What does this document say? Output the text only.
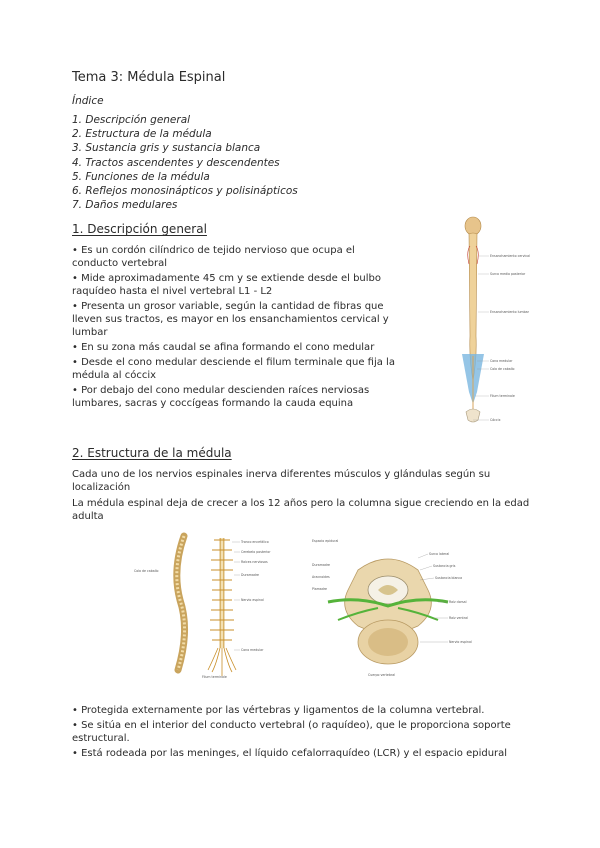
Tema 3: Médula Espinal
Índice
1. Descripción general
2. Estructura de la médula
3. Sustancia gris y sustancia blanca
4. Tractos ascendentes y descendentes
5. Funciones de la médula
6. Reflejos monosinápticos y polisinápticos
7. Daños medulares
1. Descripción general
• Es un cordón cilíndrico de tejido nervioso que ocupa el conducto vertebral
• Mide aproximadamente 45 cm y se extiende desde el bulbo raquídeo hasta el nivel vertebral L1 - L2
• Presenta un grosor variable, según la cantidad de fibras que lleven sus tractos, es mayor en los ensanchamientos cervical y lumbar
• En su zona más caudal se afina formando el cono medular
• Desde el cono medular desciende el filum terminale que fija la médula al cóccix
• Por debajo del cono medular descienden raíces nerviosas lumbares, sacras y coccígeas formando la cauda equina
Ensanchamiento cervical
Surco medio posterior
Ensanchamiento lumbar
Cono medular
Cola de caballo
Filum terminale
Cóccix
2. Estructura de la médula
Cada uno de los nervios espinales inerva diferentes músculos y glándulas según su localización
La médula espinal deja de crecer a los 12 años pero la columna sigue creciendo en la edad adulta
Tronco encefálico
Cerebelo posterior
Raíces nerviosas
Duramadre
Nervio espinal
Cono medular
Cola de caballo
Filum terminale
Surco lateral
Sustancia gris
Sustancia blanca
Raíz dorsal
Raíz ventral
Nervio espinal
Espacio epidural
Duramadre
Aracnoides
Piamadre
Cuerpo vertebral
• Protegida externamente por las vértebras y ligamentos de la columna vertebral.
• Se sitúa en el interior del conducto vertebral (o raquídeo), que le proporciona soporte estructural.
• Está rodeada por las meninges, el líquido cefalorraquídeo (LCR) y el espacio epidural
